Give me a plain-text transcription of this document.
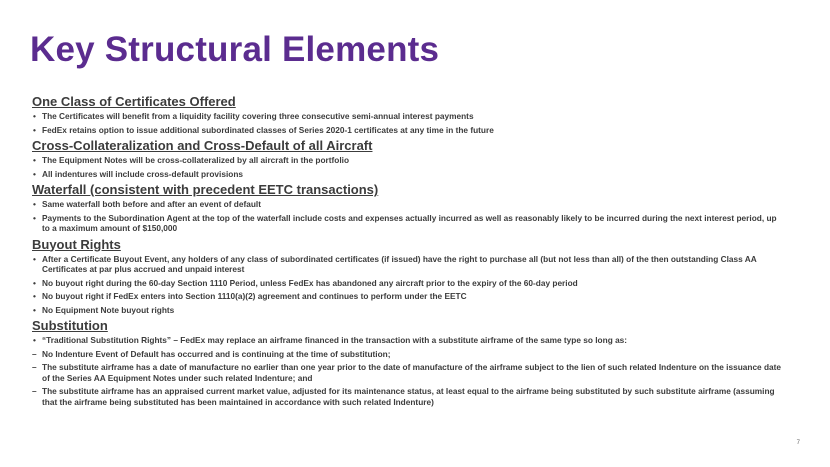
Key Structural Elements
One Class of Certificates Offered
• The Certificates will benefit from a liquidity facility covering three consecutive semi-annual interest payments
• FedEx retains option to issue additional subordinated classes of Series 2020-1 certificates at any time in the future
Cross-Collateralization and Cross-Default of all Aircraft
• The Equipment Notes will be cross-collateralized by all aircraft in the portfolio
• All indentures will include cross-default provisions
Waterfall (consistent with precedent EETC transactions)
• Same waterfall both before and after an event of default
• Payments to the Subordination Agent at the top of the waterfall include costs and expenses actually incurred as well as reasonably likely to be incurred during the next interest period, up to a maximum amount of $150,000
Buyout Rights
• After a Certificate Buyout Event, any holders of any class of subordinated certificates (if issued) have the right to purchase all (but not less than all) of the then outstanding Class AA Certificates at par plus accrued and unpaid interest
• No buyout right during the 60-day Section 1110 Period, unless FedEx has abandoned any aircraft prior to the expiry of the 60-day period
• No buyout right if FedEx enters into Section 1110(a)(2) agreement and continues to perform under the EETC
• No Equipment Note buyout rights
Substitution
• “Traditional Substitution Rights” – FedEx may replace an airframe financed in the transaction with a substitute airframe of the same type so long as:
– No Indenture Event of Default has occurred and is continuing at the time of substitution;
– The substitute airframe has a date of manufacture no earlier than one year prior to the date of manufacture of the airframe subject to the lien of such related Indenture on the issuance date of the Series AA Equipment Notes under such related Indenture; and
– The substitute airframe has an appraised current market value, adjusted for its maintenance status, at least equal to the airframe being substituted by such substitute airframe (assuming that the airframe being substituted has been maintained in accordance with such related Indenture)
7
